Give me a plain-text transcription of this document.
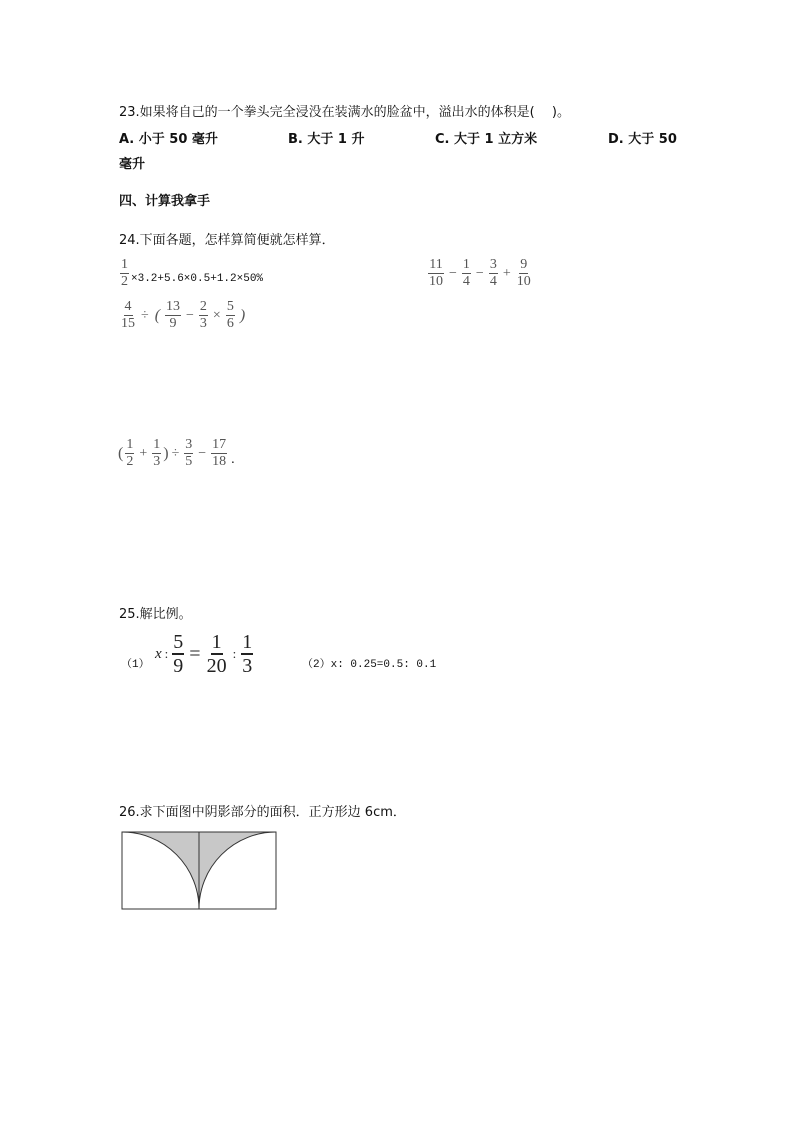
23.如果将自己的一个拳头完全浸没在装满水的脸盆中，溢出水的体积是(　 )。
A. 小于 50 毫升	B. 大于 1 升	C. 大于 1 立方米	D. 大于 50
毫升
四、计算我拿手
24.下面各题，怎样算简便就怎样算．
$\frac{1}{2} \times 3.2+5.6\times 0.5+1.2\times 50\%$	$\frac{11}{10} - \frac{1}{4} - \frac{3}{4} + \frac{9}{10}$
$\frac{4}{15}$ ÷ ( $\frac{13}{9} - \frac{2}{3} \times \frac{5}{6}$ )
( $\frac{1}{2} + \frac{1}{3}$ ) ÷ $\frac{3}{5} - \frac{17}{18}$ .
25.解比例。
（1）
x : $\frac{5}{9} = \frac{1}{20}$ : $\frac{1}{3}$	（2）x: 0.25=0.5: 0.1
26.求下面图中阴影部分的面积．正方形边 6cm．
